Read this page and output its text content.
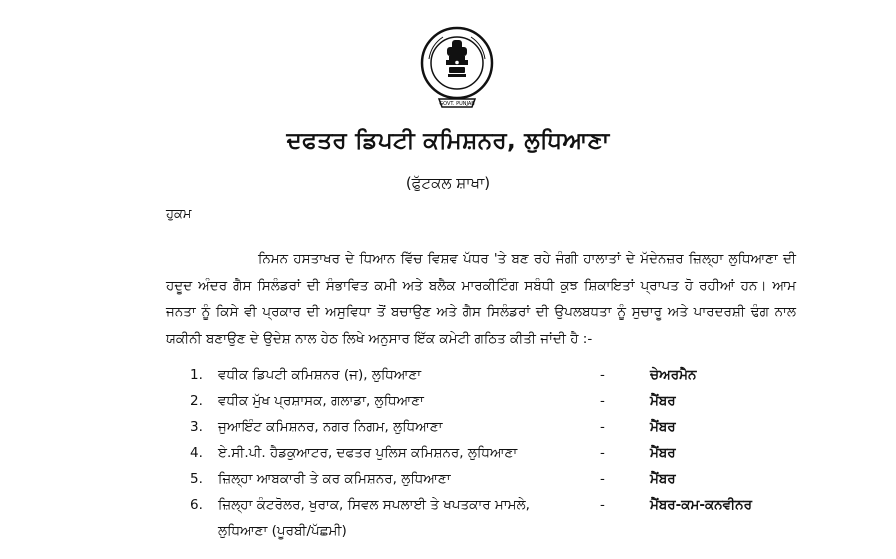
GOVT. PUNJAB
ਦਫਤਰ ਡਿਪਟੀ ਕਮਿਸ਼ਨਰ, ਲੁਧਿਆਣਾ
(ਫੁੱਟਕਲ ਸ਼ਾਖਾ)
ਹੁਕਮ
ਨਿਮਨ ਹਸਤਾਖਰ ਦੇ ਧਿਆਨ ਵਿੱਚ ਵਿਸ਼ਵ ਪੱਧਰ 'ਤੇ ਬਣ ਰਹੇ ਜੰਗੀ ਹਾਲਾਤਾਂ ਦੇ ਮੱਦੇਨਜ਼ਰ ਜ਼ਿਲ੍ਹਾ ਲੁਧਿਆਣਾ ਦੀ ਹਦੂਦ ਅੰਦਰ ਗੈਸ ਸਿਲੰਡਰਾਂ ਦੀ ਸੰਭਾਵਿਤ ਕਮੀ ਅਤੇ ਬਲੈਕ ਮਾਰਕੀਟਿੰਗ ਸਬੰਧੀ ਕੁਝ ਸ਼ਿਕਾਇਤਾਂ ਪ੍ਰਾਪਤ ਹੋ ਰਹੀਆਂ ਹਨ। ਆਮ ਜਨਤਾ ਨੂੰ ਕਿਸੇ ਵੀ ਪ੍ਰਕਾਰ ਦੀ ਅਸੁਵਿਧਾ ਤੋਂ ਬਚਾਉਣ ਅਤੇ ਗੈਸ ਸਿਲੰਡਰਾਂ ਦੀ ਉਪਲਬਧਤਾ ਨੂੰ ਸੁਚਾਰੂ ਅਤੇ ਪਾਰਦਰਸ਼ੀ ਢੰਗ ਨਾਲ ਯਕੀਨੀ ਬਣਾਉਣ ਦੇ ਉਦੇਸ਼ ਨਾਲ ਹੇਠ ਲਿਖੇ ਅਨੁਸਾਰ ਇੱਕ ਕਮੇਟੀ ਗਠਿਤ ਕੀਤੀ ਜਾਂਦੀ ਹੈ :-
1.	ਵਧੀਕ ਡਿਪਟੀ ਕਮਿਸ਼ਨਰ (ਜ), ਲੁਧਿਆਣਾ	-	ਚੇਅਰਮੈਨ
2.	ਵਧੀਕ ਮੁੱਖ ਪ੍ਰਸ਼ਾਸਕ, ਗਲਾਡਾ, ਲੁਧਿਆਣਾ	-	ਮੈਂਬਰ
3.	ਜੁਆਇੰਟ ਕਮਿਸ਼ਨਰ, ਨਗਰ ਨਿਗਮ, ਲੁਧਿਆਣਾ	-	ਮੈਂਬਰ
4.	ਏ.ਸੀ.ਪੀ. ਹੈਡਕੁਆਟਰ, ਦਫਤਰ ਪੁਲਿਸ ਕਮਿਸ਼ਨਰ, ਲੁਧਿਆਣਾ	-	ਮੈਂਬਰ
5.	ਜ਼ਿਲ੍ਹਾ ਆਬਕਾਰੀ ਤੇ ਕਰ ਕਮਿਸ਼ਨਰ, ਲੁਧਿਆਣਾ	-	ਮੈਂਬਰ
6.	ਜ਼ਿਲ੍ਹਾ ਕੰਟਰੋਲਰ, ਖੁਰਾਕ, ਸਿਵਲ ਸਪਲਾਈ ਤੇ ਖਪਤਕਾਰ ਮਾਮਲੇ,	-	ਮੈਂਬਰ-ਕਮ-ਕਨਵੀਨਰ
ਲੁਧਿਆਣਾ (ਪੂਰਬੀ/ਪੱਛਮੀ)
